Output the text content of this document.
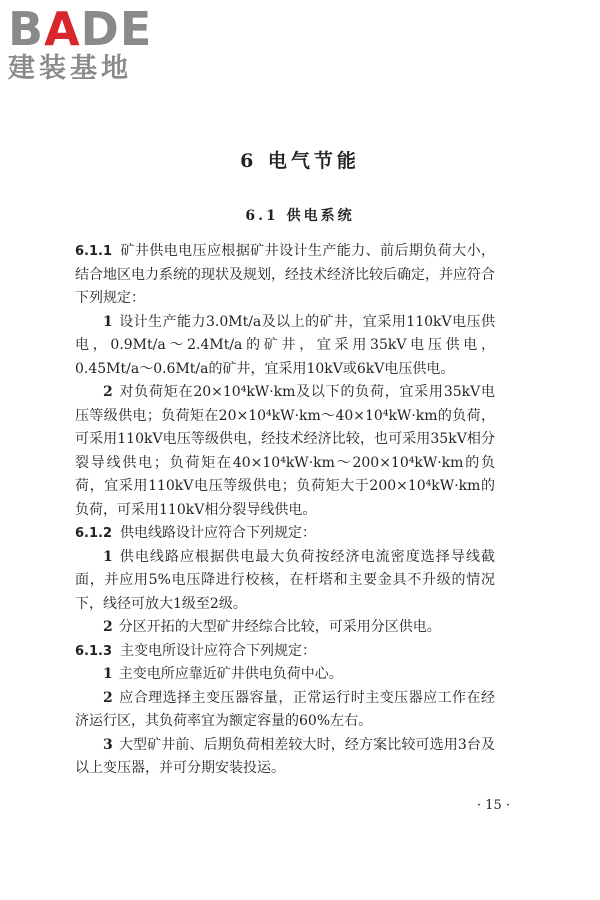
BADE
建装基地
6 电气节能
6.1 供电系统

6.1.1 矿井供电电压应根据矿井设计生产能力、前后期负荷大小，结合地区电力系统的现状及规划，经技术经济比较后确定，并应符合下列规定：

1 设计生产能力3.0Mt/a及以上的矿井，宜采用110kV电压供电，0.9Mt/a～2.4Mt/a的矿井，宜采用35kV电压供电，0.45Mt/a～0.6Mt/a的矿井，宜采用10kV或6kV电压供电。

2 对负荷矩在20×10⁴kW·km及以下的负荷，宜采用35kV电压等级供电；负荷矩在20×10⁴kW·km～40×10⁴kW·km的负荷，可采用110kV电压等级供电，经技术经济比较，也可采用35kV相分裂导线供电；负荷矩在40×10⁴kW·km～200×10⁴kW·km的负荷，宜采用110kV电压等级供电；负荷矩大于200×10⁴kW·km的负荷，可采用110kV相分裂导线供电。

6.1.2 供电线路设计应符合下列规定：

1 供电线路应根据供电最大负荷按经济电流密度选择导线截面，并应用5%电压降进行校核，在杆塔和主要金具不升级的情况下，线径可放大1级至2级。

2 分区开拓的大型矿井经综合比较，可采用分区供电。

6.1.3 主变电所设计应符合下列规定：

1 主变电所应靠近矿井供电负荷中心。

2 应合理选择主变压器容量，正常运行时主变压器应工作在经济运行区，其负荷率宜为额定容量的60%左右。

3 大型矿井前、后期负荷相差较大时，经方案比较可选用3台及以上变压器，并可分期安装投运。

· 15 ·
